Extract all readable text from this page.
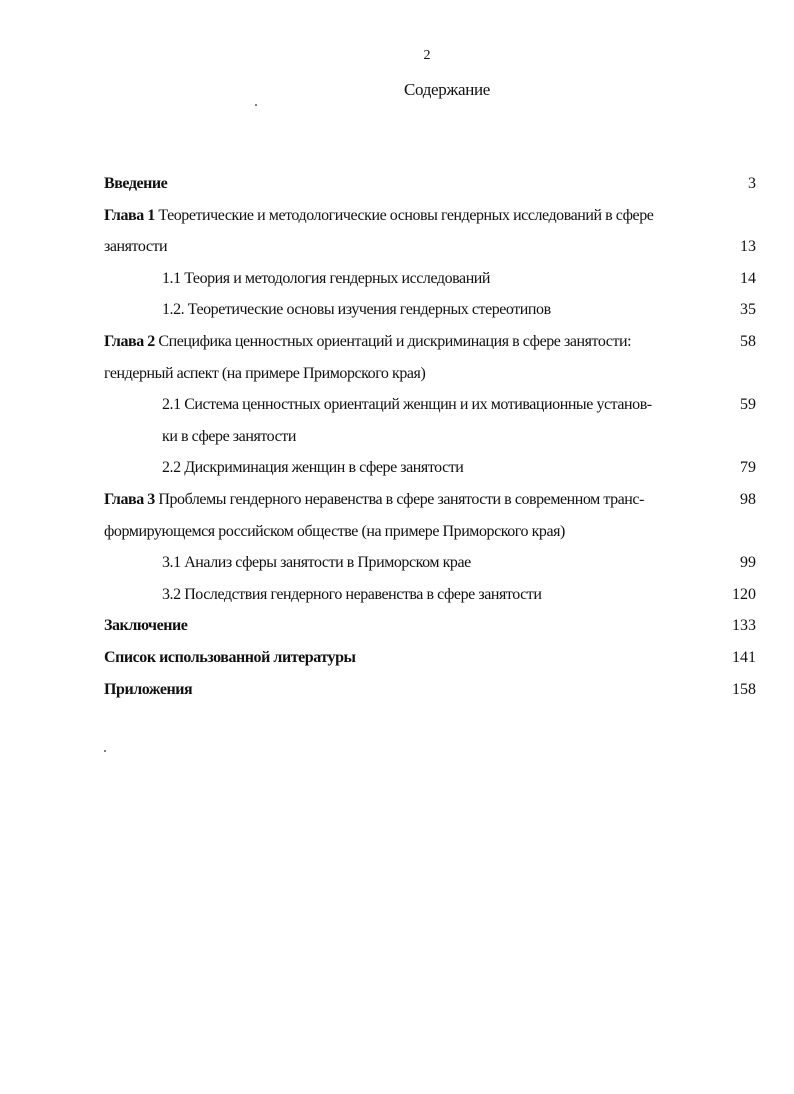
2
Содержание
Введение	3
Глава 1 Теоретические и методологические основы гендерных исследований в сфере
занятости	13
1.1 Теория и методология гендерных исследований	14
1.2. Теоретические основы изучения гендерных стереотипов	35
Глава 2 Специфика ценностных ориентаций и дискриминация в сфере занятости:	58
гендерный аспект (на примере Приморского края)
2.1 Система ценностных ориентаций женщин и их мотивационные установ-	59
ки в сфере занятости
2.2 Дискриминация женщин в сфере занятости	79
Глава 3 Проблемы гендерного неравенства в сфере занятости в современном транс-	98
формирующемся российском обществе (на примере Приморского края)
3.1 Анализ сферы занятости в Приморском крае	99
3.2 Последствия гендерного неравенства в сфере занятости	120
Заключение	133
Список использованной литературы	141
Приложения	158
